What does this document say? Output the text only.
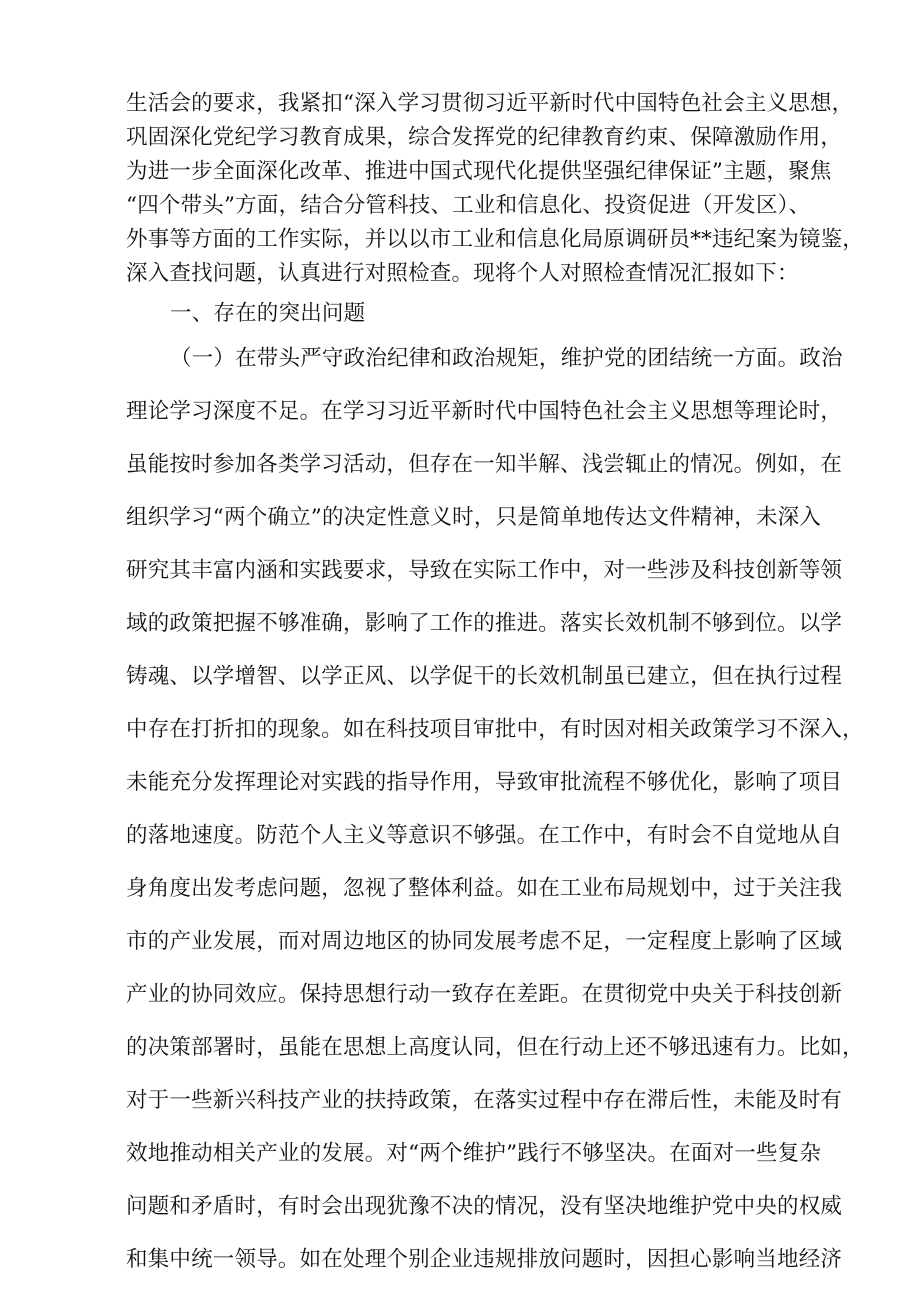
生活会的要求，我紧扣“深入学习贯彻习近平新时代中国特色社会主义思想，

巩固深化党纪学习教育成果，综合发挥党的纪律教育约束、保障激励作用，

为进一步全面深化改革、推进中国式现代化提供坚强纪律保证”主题，聚焦

“四个带头”方面，结合分管科技、工业和信息化、投资促进（开发区）、

外事等方面的工作实际，并以以市工业和信息化局原调研员**违纪案为镜鉴，

深入查找问题，认真进行对照检查。现将个人对照检查情况汇报如下：

一、存在的突出问题

（一）在带头严守政治纪律和政治规矩，维护党的团结统一方面。政治

理论学习深度不足。在学习习近平新时代中国特色社会主义思想等理论时，

虽能按时参加各类学习活动，但存在一知半解、浅尝辄止的情况。例如，在

组织学习“两个确立”的决定性意义时，只是简单地传达文件精神，未深入

研究其丰富内涵和实践要求，导致在实际工作中，对一些涉及科技创新等领

域的政策把握不够准确，影响了工作的推进。落实长效机制不够到位。以学

铸魂、以学增智、以学正风、以学促干的长效机制虽已建立，但在执行过程

中存在打折扣的现象。如在科技项目审批中，有时因对相关政策学习不深入，

未能充分发挥理论对实践的指导作用，导致审批流程不够优化，影响了项目

的落地速度。防范个人主义等意识不够强。在工作中，有时会不自觉地从自

身角度出发考虑问题，忽视了整体利益。如在工业布局规划中，过于关注我

市的产业发展，而对周边地区的协同发展考虑不足，一定程度上影响了区域

产业的协同效应。保持思想行动一致存在差距。在贯彻党中央关于科技创新

的决策部署时，虽能在思想上高度认同，但在行动上还不够迅速有力。比如，

对于一些新兴科技产业的扶持政策，在落实过程中存在滞后性，未能及时有

效地推动相关产业的发展。对“两个维护”践行不够坚决。在面对一些复杂

问题和矛盾时，有时会出现犹豫不决的情况，没有坚决地维护党中央的权威

和集中统一领导。如在处理个别企业违规排放问题时，因担心影响当地经济
